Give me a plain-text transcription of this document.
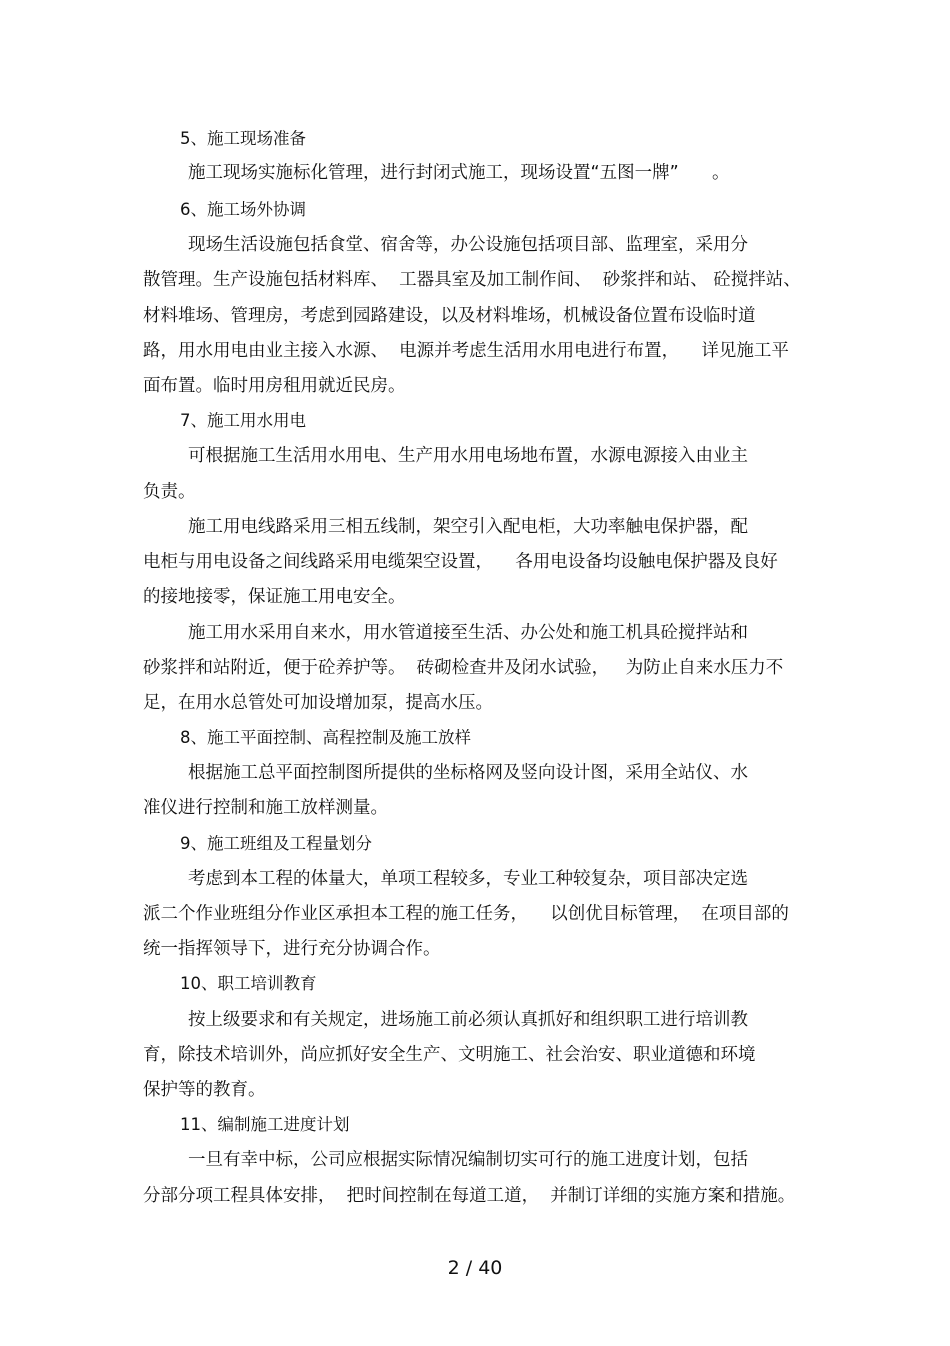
5、施工现场准备
施工现场实施标化管理，进行封闭式施工，现场设置“五图一牌”      。
6、施工场外协调
现场生活设施包括食堂、宿舍等，办公设施包括项目部、监理室，采用分
散管理。生产设施包括材料库、  工器具室及加工制作间、  砂浆拌和站、 砼搅拌站、
材料堆场、管理房，考虑到园路建设，以及材料堆场，机械设备位置布设临时道
路，用水用电由业主接入水源、  电源并考虑生活用水用电进行布置，    详见施工平
面布置。临时用房租用就近民房。
7、施工用水用电
可根据施工生活用水用电、生产用水用电场地布置，水源电源接入由业主
负责。
施工用电线路采用三相五线制，架空引入配电柜，大功率触电保护器，配
电柜与用电设备之间线路采用电缆架空设置，    各用电设备均设触电保护器及良好
的接地接零，保证施工用电安全。
施工用水采用自来水，用水管道接至生活、办公处和施工机具砼搅拌站和
砂浆拌和站附近，便于砼养护等。  砖砌检查井及闭水试验，   为防止自来水压力不
足，在用水总管处可加设增加泵，提高水压。
8、施工平面控制、高程控制及施工放样
根据施工总平面控制图所提供的坐标格网及竖向设计图，采用全站仪、水
准仪进行控制和施工放样测量。
9、施工班组及工程量划分
考虑到本工程的体量大，单项工程较多，专业工种较复杂，项目部决定选
派二个作业班组分作业区承担本工程的施工任务，    以创优目标管理，  在项目部的
统一指挥领导下，进行充分协调合作。
10、职工培训教育
按上级要求和有关规定，进场施工前必须认真抓好和组织职工进行培训教
育，除技术培训外，尚应抓好安全生产、文明施工、社会治安、职业道德和环境
保护等的教育。
11、编制施工进度计划
一旦有幸中标，公司应根据实际情况编制切实可行的施工进度计划，包括
分部分项工程具体安排，  把时间控制在每道工道，  并制订详细的实施方案和措施。
2 / 40
